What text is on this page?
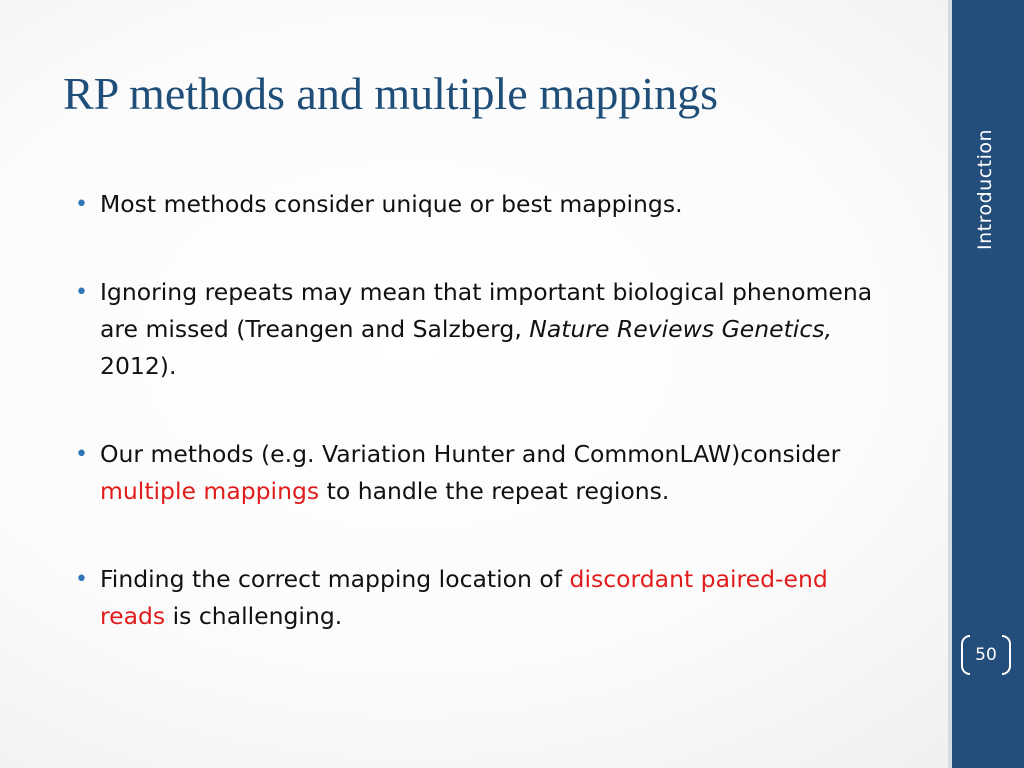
RP methods and multiple mappings
• Most methods consider unique or best mappings.
• Ignoring repeats may mean that important biological phenomena are missed (Treangen and Salzberg, Nature Reviews Genetics, 2012).
• Our methods (e.g. Variation Hunter and CommonLAW)consider multiple mappings to handle the repeat regions.
• Finding the correct mapping location of discordant paired-end reads is challenging.
Introduction
50
